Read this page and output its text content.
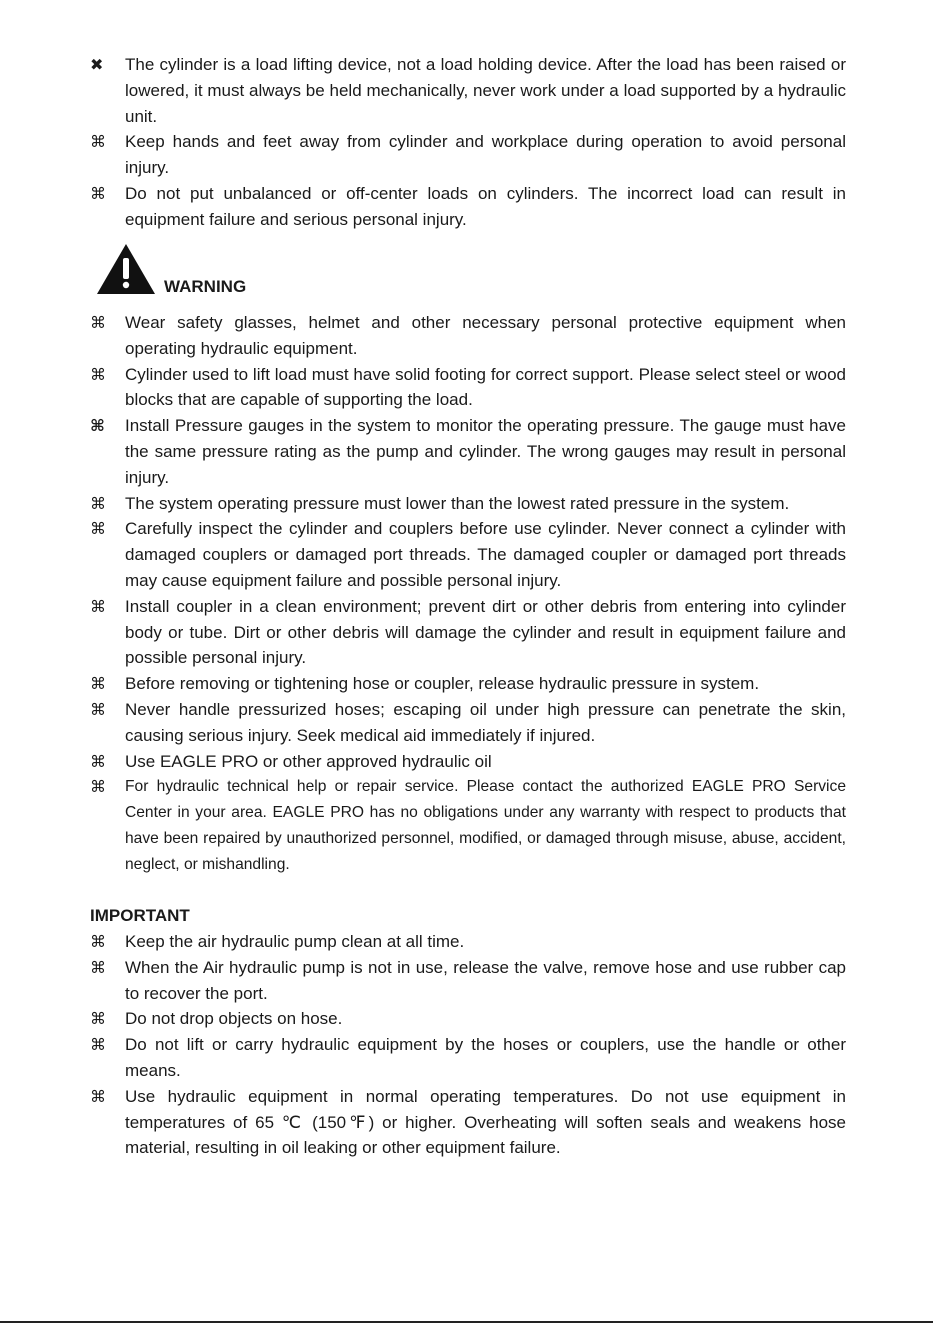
✖	The cylinder is a load lifting device, not a load holding device. After the load has been raised or lowered, it must always be held mechanically, never work under a load supported by a hydraulic unit.
⌘ Keep hands and feet away from cylinder and workplace during operation to avoid personal injury.
⌘ Do not put unbalanced or off-center loads on cylinders. The incorrect load can result in equipment failure and serious personal injury.
WARNING
⌘ Wear safety glasses, helmet and other necessary personal protective equipment when operating hydraulic equipment.
⌘ Cylinder used to lift load must have solid footing for correct support. Please select steel or wood blocks that are capable of supporting the load.
⌘	Install Pressure gauges in the system to monitor the operating pressure. The gauge must have the same pressure rating as the pump and cylinder. The wrong gauges may result in personal injury.
⌘ The system operating pressure must lower than the lowest rated pressure in the system.
⌘ Carefully inspect the cylinder and couplers before use cylinder. Never connect a cylinder with damaged couplers or damaged port threads. The damaged coupler or damaged port threads may cause equipment failure and possible personal injury.
⌘ Install coupler in a clean environment; prevent dirt or other debris from entering into cylinder body or tube. Dirt or other debris will damage the cylinder and result in equipment failure and possible personal injury.
⌘ Before removing or tightening hose or coupler, release hydraulic pressure in system.
⌘ Never handle pressurized hoses; escaping oil under high pressure can penetrate the skin, causing serious injury. Seek medical aid immediately if injured.
⌘ Use EAGLE PRO or other approved hydraulic oil
⌘ For hydraulic technical help or repair service. Please contact the authorized EAGLE PRO Service Center in your area. EAGLE PRO has no obligations under any warranty with respect to products that have been repaired by unauthorized personnel, modified, or damaged through misuse, abuse, accident, neglect, or mishandling.
IMPORTANT
⌘ Keep the air hydraulic pump clean at all time.
⌘ When the Air hydraulic pump is not in use, release the valve, remove hose and use rubber cap to recover the port.
⌘ Do not drop objects on hose.
⌘ Do not lift or carry hydraulic equipment by the hoses or couplers, use the handle or other means.
⌘ Use hydraulic equipment in normal operating temperatures. Do not use equipment in temperatures of 65 ℃ (150℉) or higher. Overheating will soften seals and weakens hose material, resulting in oil leaking or other equipment failure.
